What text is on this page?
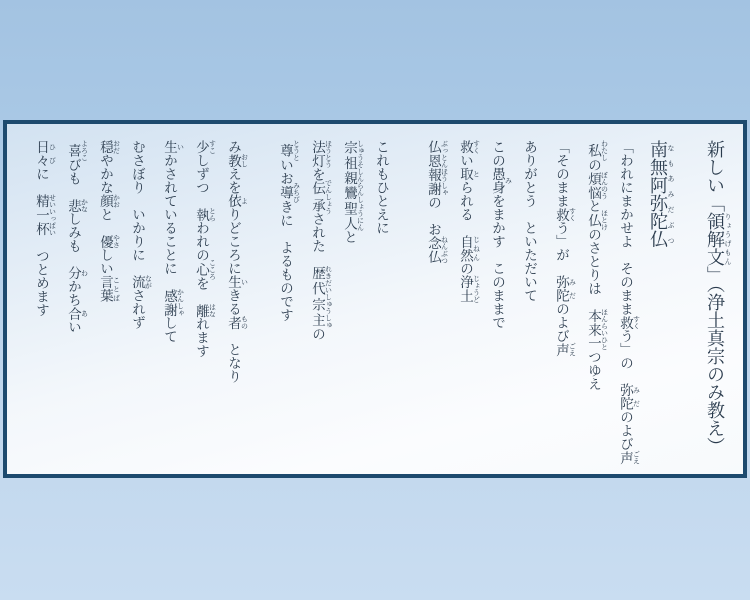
新しい「領解文 りょうげもん」（浄土真宗のみ教え）
南無阿弥陀仏 なもあみだぶつ
「われにまかせよ　そのまま救 すくう」の　弥陀 みだのよび声 ごえ
私 わたしの煩悩 ぼんのうと仏 ほとけのさとりは　本来 ほんらい一 ひとつゆえ
「そのまま救 すくう」が　弥陀 みだのよび声 ごえ
ありがとう　といただいて
この愚身 みをまかす　このままで
救 すくい取 とられる　自然 じねんの浄土 じょうど
仏恩報謝 ぶっとんほうしゃの　お念仏 ねんぶつ
これもひとえに
宗祖親鸞聖人 しゅうそしんらんしょうにんと
法灯 ほうとうを伝承 でんしょうされた　歴代宗主 れきだいしゅうしゅの
尊 とうといお導 みちびきに　よるものです
み教 おしえを依 よりどころに生 いきる者 もの　となり
少 すこしずつ　執 とらわれの心 こころを　離 はなれます
生 いかされていることに　感謝 かんしゃして
むさぼり　いかりに　流 ながされず
穏 おだやかな顔 かおと　優 やさしい言葉 ことば
喜 よろこびも　悲 かなしみも　分 わかち合 あい
日々 ひびに　精一杯 せいいっぱい　つとめます
